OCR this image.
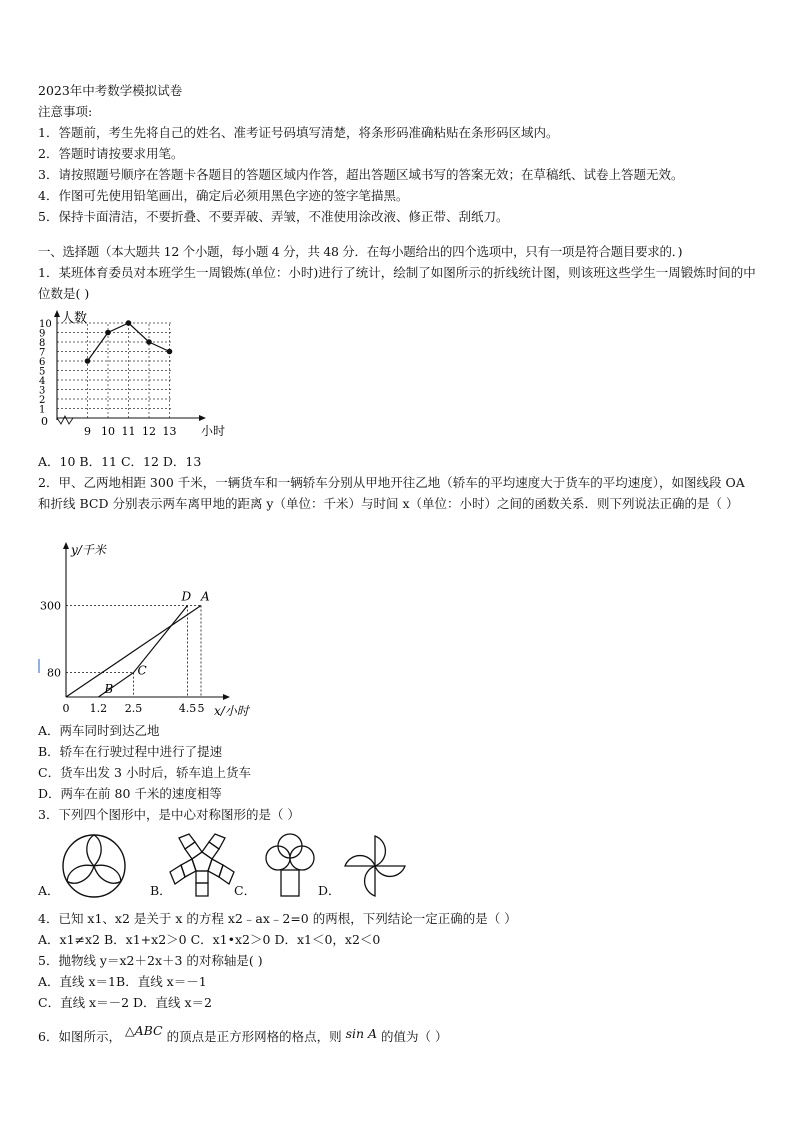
2023年中考数学模拟试卷
注意事项:
1．答题前，考生先将自己的姓名、准考证号码填写清楚，将条形码准确粘贴在条形码区域内。
2．答题时请按要求用笔。
3．请按照题号顺序在答题卡各题目的答题区域内作答，超出答题区域书写的答案无效；在草稿纸、试卷上答题无效。
4．作图可先使用铅笔画出，确定后必须用黑色字迹的签字笔描黑。
5．保持卡面清洁，不要折叠、不要弄破、弄皱，不准使用涂改液、修正带、刮纸刀。
一、选择题（本大题共 12 个小题，每小题 4 分，共 48 分．在每小题给出的四个选项中，只有一项是符合题目要求的．)
1．某班体育委员对本班学生一周锻炼(单位：小时)进行了统计，绘制了如图所示的折线统计图，则该班这些学生一周锻炼时间的中位数是( )
人数
小时
0
1
2
3
4
5
6
7
8
9
10
9 10 11 12 13
A．10 B．11 C．12 D．13
2．甲、乙两地相距 300 千米，一辆货车和一辆轿车分别从甲地开往乙地（轿车的平均速度大于货车的平均速度），如图线段 OA 和折线 BCD 分别表示两车离甲地的距离 y（单位：千米）与时间 x（单位：小时）之间的函数关系．则下列说法正确的是（ ）
y/千米
x/小时
80
300
0 1.2 2.5	4.5 5
B
C
D A
A．两车同时到达乙地
B．轿车在行驶过程中进行了提速
C．货车出发 3 小时后，轿车追上货车
D．两车在前 80 千米的速度相等
3．下列四个图形中，是中心对称图形的是（ ）
A．	B．	C．	D．
4．已知 x1、x2 是关于 x 的方程 x2﹣ax﹣2=0 的两根，下列结论一定正确的是（ ）
A．x1≠x2 B．x1+x2＞0 C．x1•x2＞0 D．x1＜0，x2＜0
5．抛物线 y＝x2＋2x＋3 的对称轴是( )
A．直线 x＝1B．直线 x＝－1
C．直线 x＝－2 D．直线 x＝2
6．如图所示， △ABC 的顶点是正方形网格的格点，则 sin A 的值为（ ）
